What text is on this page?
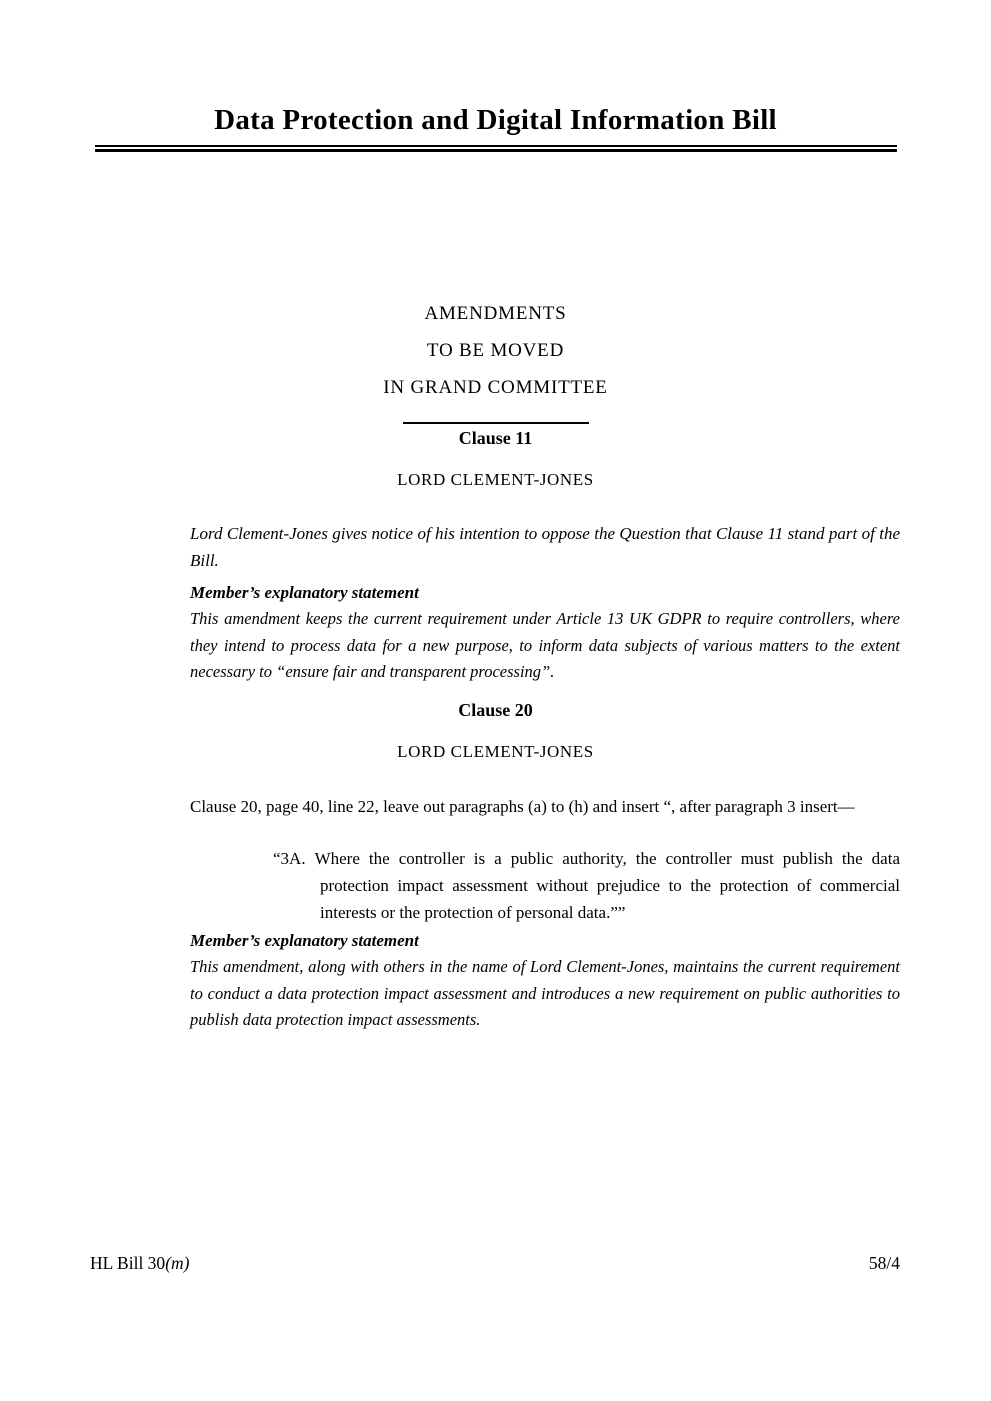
Data Protection and Digital Information Bill
AMENDMENTS
TO BE MOVED
IN GRAND COMMITTEE
Clause 11
LORD CLEMENT-JONES

Lord Clement-Jones gives notice of his intention to oppose the Question that Clause 11 stand part of the Bill.

Member’s explanatory statement

This amendment keeps the current requirement under Article 13 UK GDPR to require controllers, where they intend to process data for a new purpose, to inform data subjects of various matters to the extent necessary to “ensure fair and transparent processing”.

Clause 20
LORD CLEMENT-JONES

Clause 20, page 40, line 22, leave out paragraphs (a) to (h) and insert “, after paragraph 3 insert—

“3A. Where the controller is a public authority, the controller must publish the data protection impact assessment without prejudice to the protection of commercial interests or the protection of personal data.””

Member’s explanatory statement

This amendment, along with others in the name of Lord Clement-Jones, maintains the current requirement to conduct a data protection impact assessment and introduces a new requirement on public authorities to publish data protection impact assessments.

HL Bill 30(m)	58/4
